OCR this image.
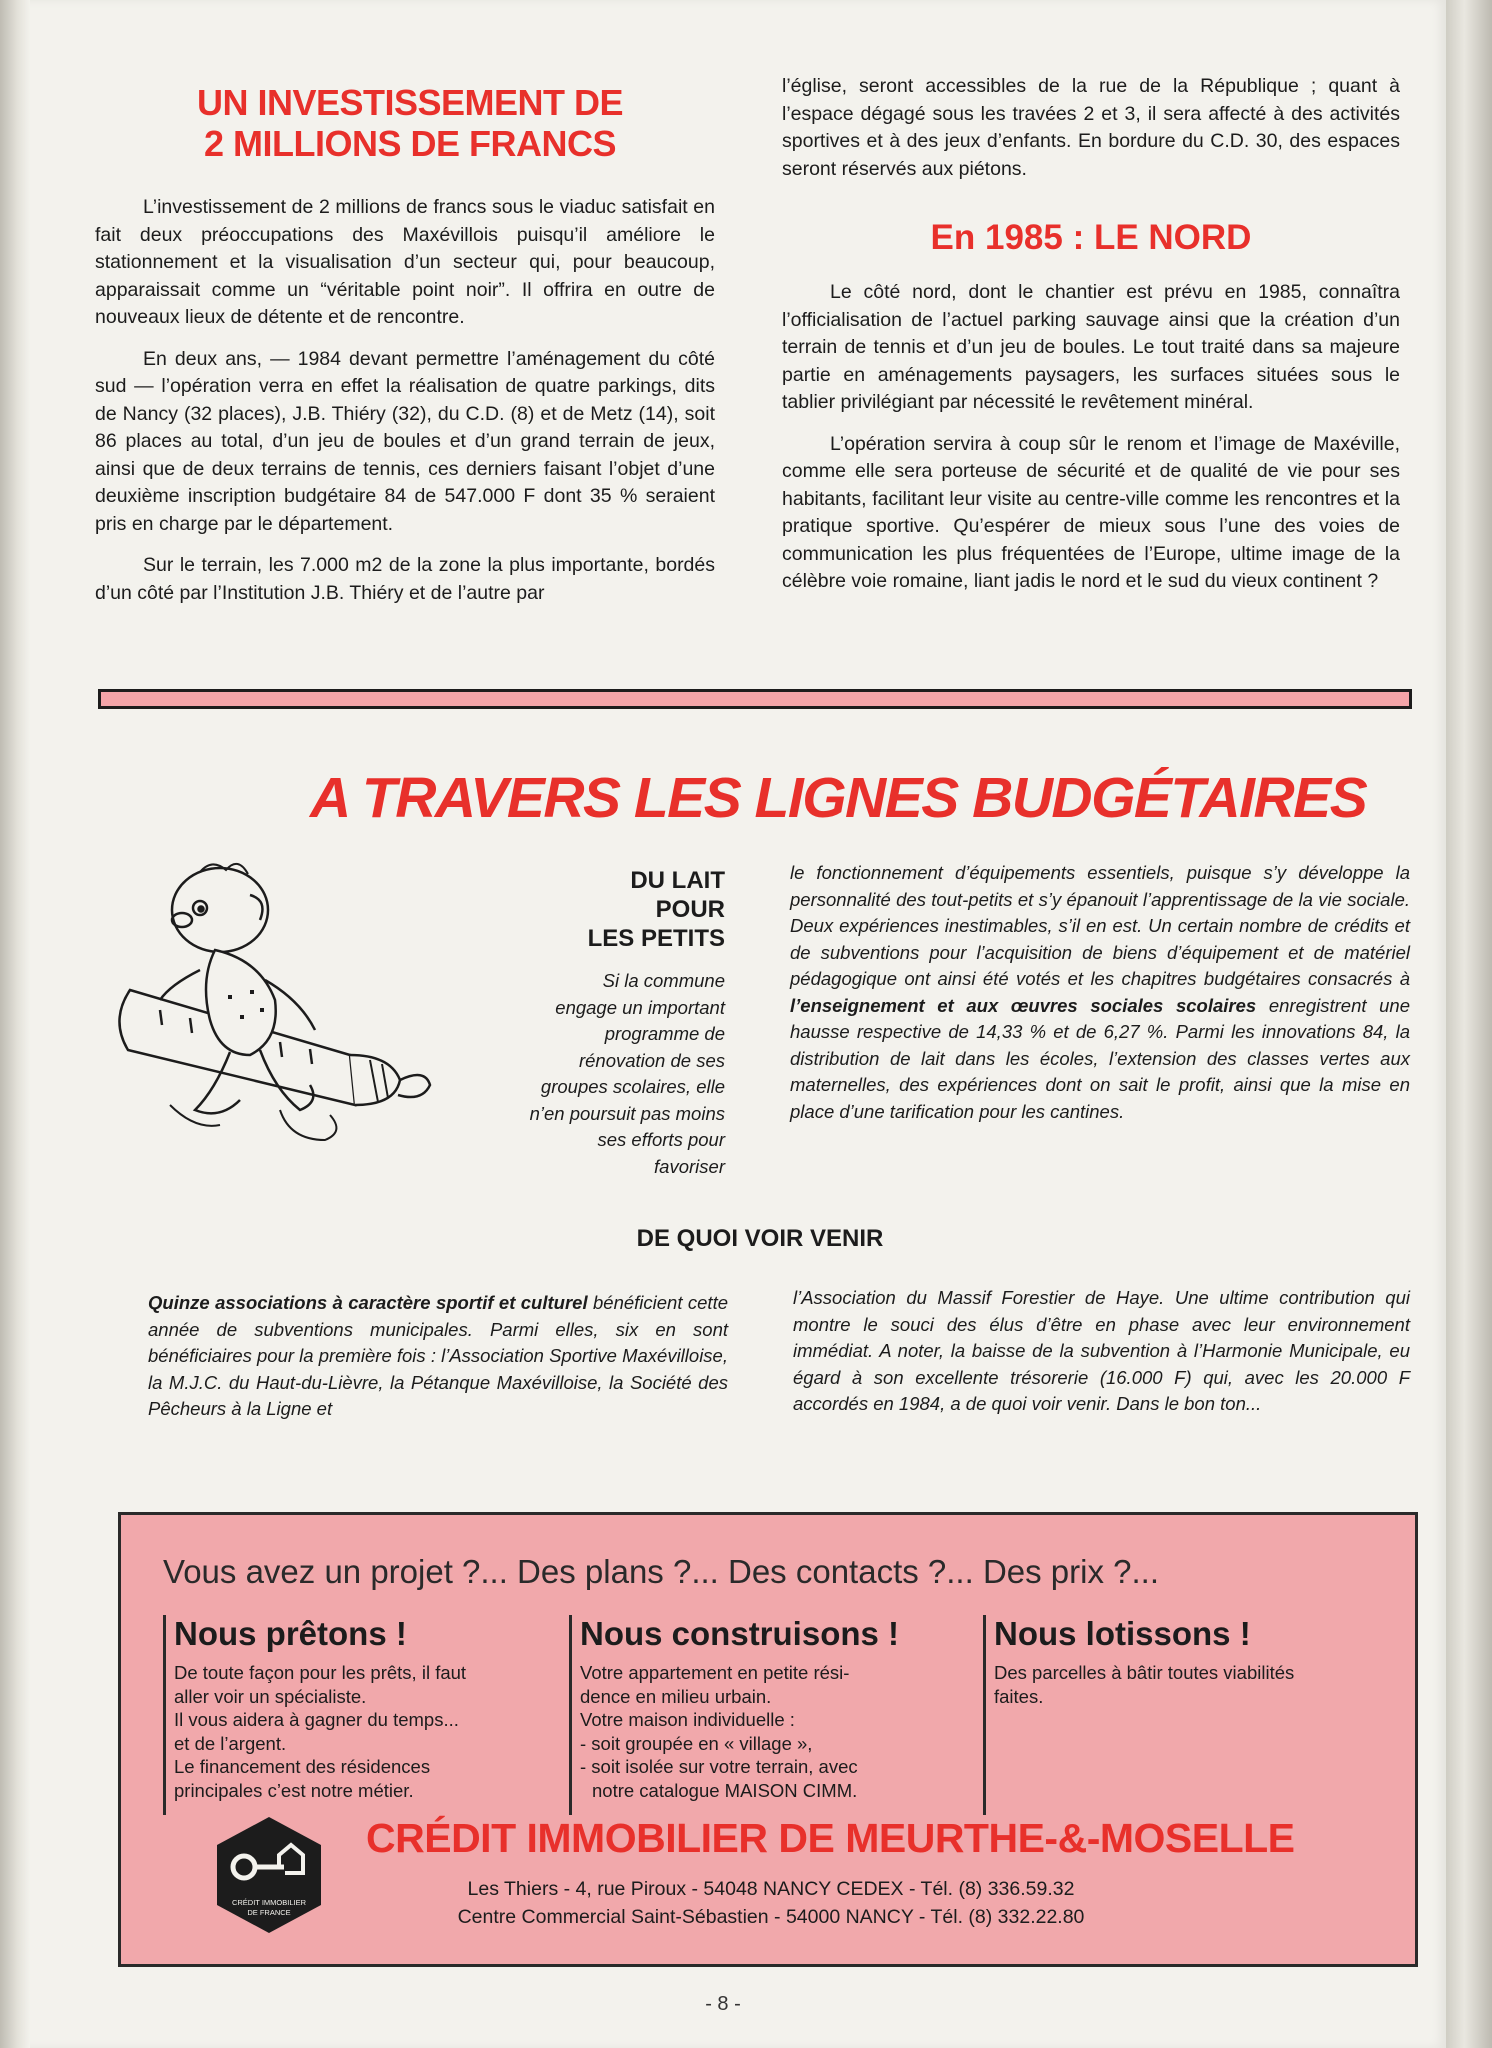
UN INVESTISSEMENT DE
2 MILLIONS DE FRANCS

L’investissement de 2 millions de francs sous le viaduc satisfait en fait deux préoccupations des Maxévillois puisqu’il améliore le stationnement et la visualisation d’un secteur qui, pour beaucoup, apparaissait comme un “véritable point noir”. Il offrira en outre de nouveaux lieux de détente et de rencontre.

En deux ans, — 1984 devant permettre l’aménagement du côté sud — l’opération verra en effet la réalisation de quatre parkings, dits de Nancy (32 places), J.B. Thiéry (32), du C.D. (8) et de Metz (14), soit 86 places au total, d’un jeu de boules et d’un grand terrain de jeux, ainsi que de deux terrains de tennis, ces derniers faisant l’objet d’une deuxième inscription budgétaire 84 de 547.000 F dont 35 % seraient pris en charge par le département.

Sur le terrain, les 7.000 m2 de la zone la plus importante, bordés d’un côté par l’Institution J.B. Thiéry et de l’autre par

l’église, seront accessibles de la rue de la République ; quant à l’espace dégagé sous les travées 2 et 3, il sera affecté à des activités sportives et à des jeux d’enfants. En bordure du C.D. 30, des espaces seront réservés aux piétons.

En 1985 : LE NORD

Le côté nord, dont le chantier est prévu en 1985, connaîtra l’officialisation de l’actuel parking sauvage ainsi que la création d’un terrain de tennis et d’un jeu de boules. Le tout traité dans sa majeure partie en aménagements paysagers, les surfaces situées sous le tablier privilégiant par nécessité le revêtement minéral.

L’opération servira à coup sûr le renom et l’image de Maxéville, comme elle sera porteuse de sécurité et de qualité de vie pour ses habitants, facilitant leur visite au centre-ville comme les rencontres et la pratique sportive. Qu’espérer de mieux sous l’une des voies de communication les plus fréquentées de l’Europe, ultime image de la célèbre voie romaine, liant jadis le nord et le sud du vieux continent ?

A TRAVERS LES LIGNES BUDGÉTAIRES
DU LAIT
POUR
LES PETITS
Si la commune
engage un important
programme de
rénovation de ses
groupes scolaires, elle
n’en poursuit pas moins
ses efforts pour
favoriser

le fonctionnement d’équipements essentiels, puisque s’y développe la personnalité des tout-petits et s’y épanouit l’apprentissage de la vie sociale. Deux expériences inestimables, s’il en est. Un certain nombre de crédits et de subventions pour l’acquisition de biens d’équipement et de matériel pédagogique ont ainsi été votés et les chapitres budgétaires consacrés à l’enseignement et aux œuvres sociales scolaires enregistrent une hausse respective de 14,33 % et de 6,27 %. Parmi les innovations 84, la distribution de lait dans les écoles, l’extension des classes vertes aux maternelles, des expériences dont on sait le profit, ainsi que la mise en place d’une tarification pour les cantines.

DE QUOI VOIR VENIR

Quinze associations à caractère sportif et culturel bénéficient cette année de subventions municipales. Parmi elles, six en sont bénéficiaires pour la première fois : l’Association Sportive Maxévilloise, la M.J.C. du Haut-du-Lièvre, la Pétanque Maxévilloise, la Société des Pêcheurs à la Ligne et

l’Association du Massif Forestier de Haye. Une ultime contribution qui montre le souci des élus d’être en phase avec leur environnement immédiat. A noter, la baisse de la subvention à l’Harmonie Municipale, eu égard à son excellente trésorerie (16.000 F) qui, avec les 20.000 F accordés en 1984, a de quoi voir venir. Dans le bon ton...

Vous avez un projet ?... Des plans ?... Des contacts ?... Des prix ?...
Nous prêtons !
De toute façon pour les prêts, il faut
aller voir un spécialiste.
Il vous aidera à gagner du temps...
et de l’argent.
Le financement des résidences
principales c’est notre métier.
Nous construisons !
Votre appartement en petite rési-
dence en milieu urbain.
Votre maison individuelle :
- soit groupée en « village »,
- soit isolée sur votre terrain, avec
notre catalogue MAISON CIMM.
Nous lotissons !
Des parcelles à bâtir toutes viabilités
faites.
CRÉDIT IMMOBILIER
DE FRANCE
CRÉDIT IMMOBILIER DE MEURTHE-&-MOSELLE
Les Thiers - 4, rue Piroux - 54048 NANCY CEDEX - Tél. (8) 336.59.32
Centre Commercial Saint-Sébastien - 54000 NANCY - Tél. (8) 332.22.80
- 8 -
